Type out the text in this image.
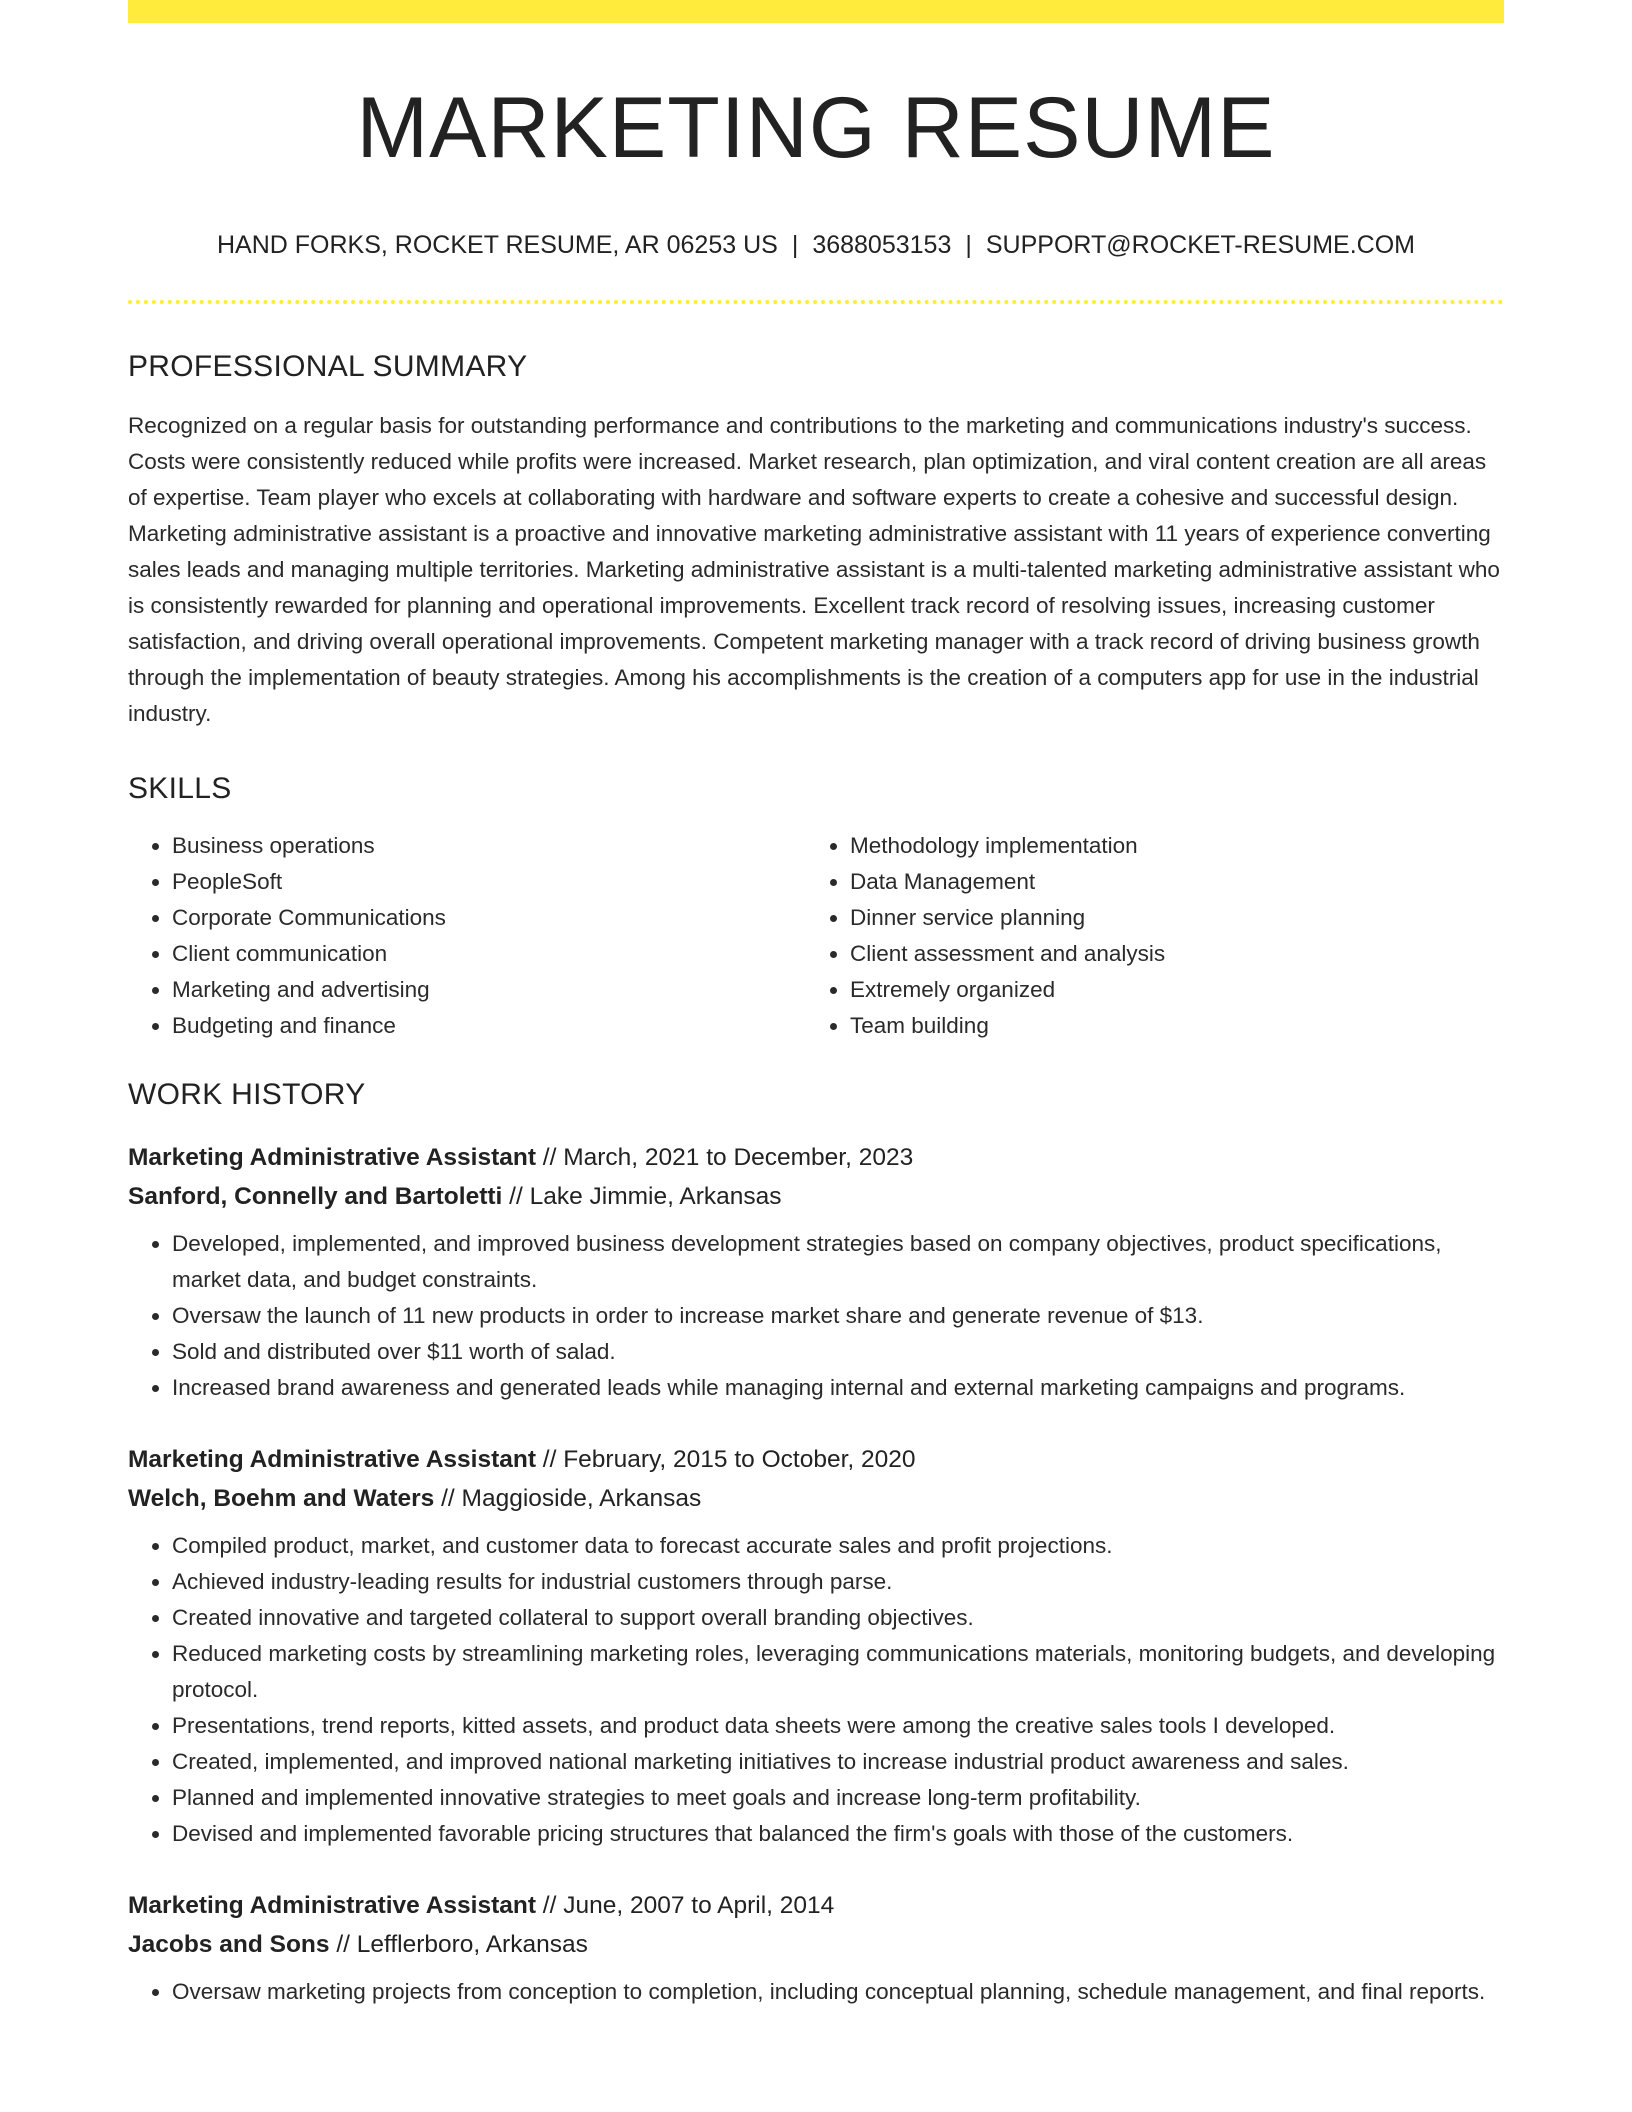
MARKETING RESUME
HAND FORKS, ROCKET RESUME, AR 06253 US | 3688053153 | SUPPORT@ROCKET-RESUME.COM
PROFESSIONAL SUMMARY

Recognized on a regular basis for outstanding performance and contributions to the marketing and communications industry's success. Costs were consistently reduced while profits were increased. Market research, plan optimization, and viral content creation are all areas of expertise. Team player who excels at collaborating with hardware and software experts to create a cohesive and successful design. Marketing administrative assistant is a proactive and innovative marketing administrative assistant with 11 years of experience converting sales leads and managing multiple territories. Marketing administrative assistant is a multi-talented marketing administrative assistant who is consistently rewarded for planning and operational improvements. Excellent track record of resolving issues, increasing customer satisfaction, and driving overall operational improvements. Competent marketing manager with a track record of driving business growth through the implementation of beauty strategies. Among his accomplishments is the creation of a computers app for use in the industrial industry.

SKILLS
• Business operations
• PeopleSoft
• Corporate Communications
• Client communication
• Marketing and advertising
• Budgeting and finance
• Methodology implementation
• Data Management
• Dinner service planning
• Client assessment and analysis
• Extremely organized
• Team building
WORK HISTORY
Marketing Administrative Assistant // March, 2021 to December, 2023
Sanford, Connelly and Bartoletti // Lake Jimmie, Arkansas
• Developed, implemented, and improved business development strategies based on company objectives, product specifications, market data, and budget constraints.
• Oversaw the launch of 11 new products in order to increase market share and generate revenue of $13.
• Sold and distributed over $11 worth of salad.
• Increased brand awareness and generated leads while managing internal and external marketing campaigns and programs.
Marketing Administrative Assistant // February, 2015 to October, 2020
Welch, Boehm and Waters // Maggioside, Arkansas
• Compiled product, market, and customer data to forecast accurate sales and profit projections.
• Achieved industry-leading results for industrial customers through parse.
• Created innovative and targeted collateral to support overall branding objectives.
• Reduced marketing costs by streamlining marketing roles, leveraging communications materials, monitoring budgets, and developing protocol.
• Presentations, trend reports, kitted assets, and product data sheets were among the creative sales tools I developed.
• Created, implemented, and improved national marketing initiatives to increase industrial product awareness and sales.
• Planned and implemented innovative strategies to meet goals and increase long-term profitability.
• Devised and implemented favorable pricing structures that balanced the firm's goals with those of the customers.
Marketing Administrative Assistant // June, 2007 to April, 2014
Jacobs and Sons // Lefflerboro, Arkansas
• Oversaw marketing projects from conception to completion, including conceptual planning, schedule management, and final reports.
